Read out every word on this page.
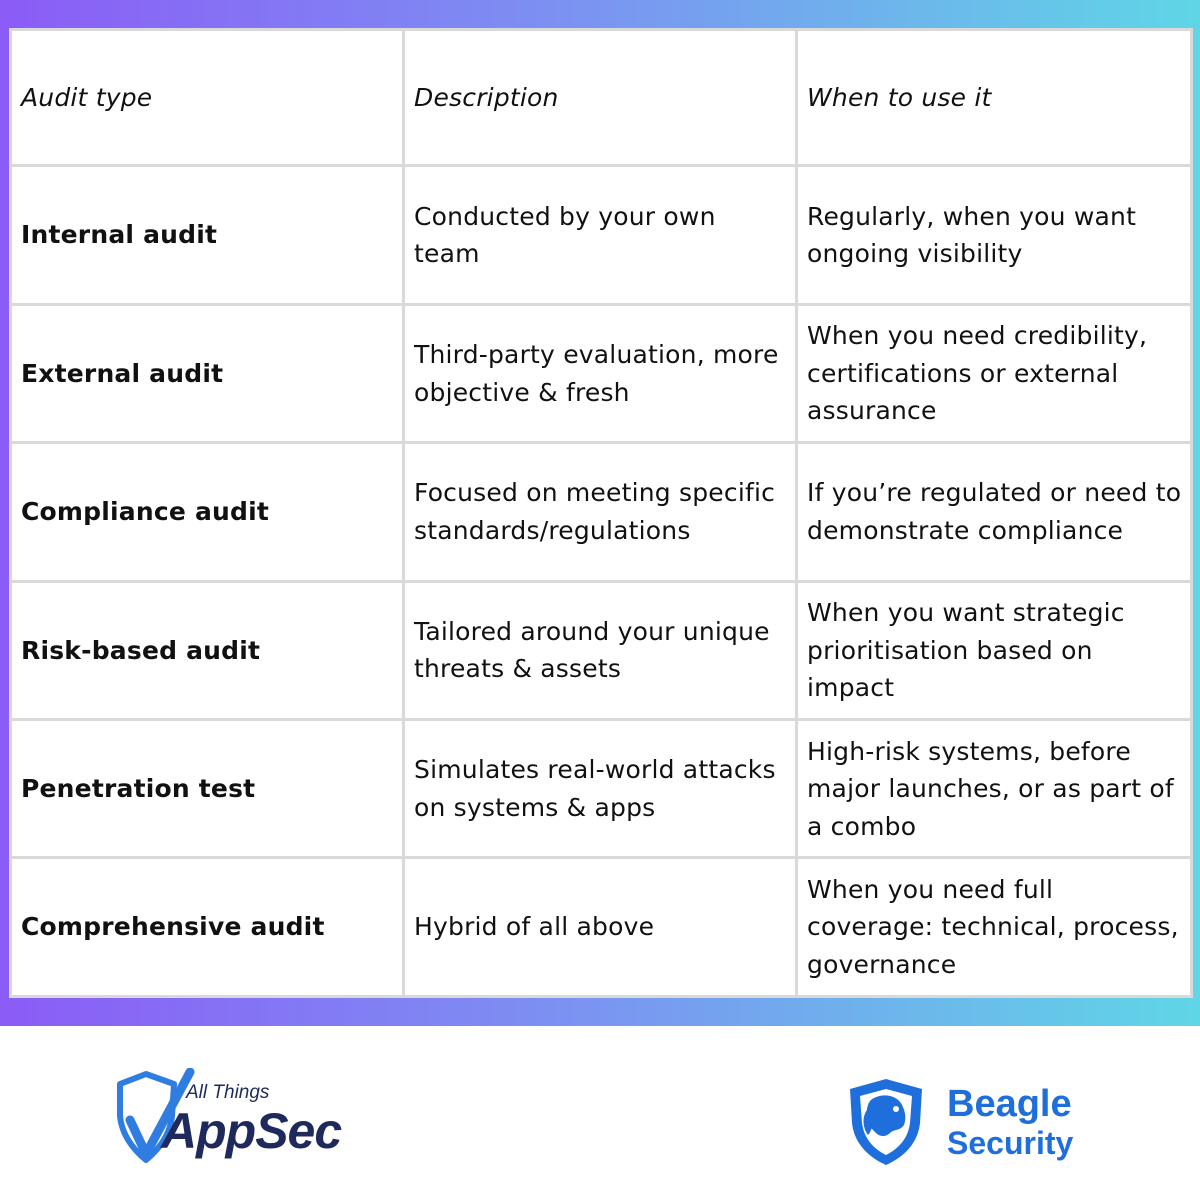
Audit type	Description	When to use it
Internal audit	Conducted by your own team	Regularly, when you want ongoing visibility
External audit	Third-party evaluation, more objective & fresh	When you need credibility, certifications or external assurance
Compliance audit	Focused on meeting specific standards/regulations	If you’re regulated or need to demonstrate compliance
Risk-based audit	Tailored around your unique threats & assets	When you want strategic prioritisation based on impact
Penetration test	Simulates real-world attacks on systems & apps	High-risk systems, before major launches, or as part of a combo
Comprehensive audit	Hybrid of all above	When you need full coverage: technical, process, governance
All Things
AppSec	Beagle
Security
